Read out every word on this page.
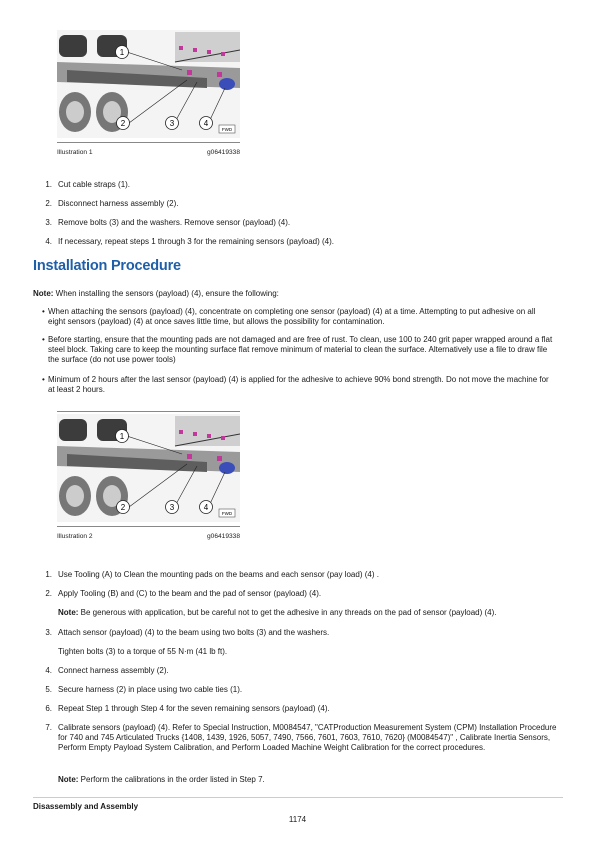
1
2	3	4
FWD
Illustration 1	g06419338
1. Cut cable straps (1).
2. Disconnect harness assembly (2).
3. Remove bolts (3) and the washers. Remove sensor (payload) (4).
4. If necessary, repeat steps 1 through 3 for the remaining sensors (payload) (4).
Installation Procedure
Note: When installing the sensors (payload) (4), ensure the following:
• When attaching the sensors (payload) (4), concentrate on completing one sensor (payload) (4) at a time. Attempting to put adhesive on all eight sensors (payload) (4) at once saves little time, but allows the possibility for contamination.
• Before starting, ensure that the mounting pads are not damaged and are free of rust. To clean, use 100 to 240 grit paper wrapped around a flat steel block. Taking care to keep the mounting surface flat remove minimum of material to clean the surface. Alternatively use a file to draw file the surface (do not use power tools)
• Minimum of 2 hours after the last sensor (payload) (4) is applied for the adhesive to achieve 90% bond strength. Do not move the machine for at least 2 hours.
1
2	3	4
FWD
Illustration 2	g06419338
1. Use Tooling (A) to Clean the mounting pads on the beams and each sensor (pay load) (4) .
2. Apply Tooling (B) and (C) to the beam and the pad of sensor (payload) (4).
Note: Be generous with application, but be careful not to get the adhesive in any threads on the pad of sensor (payload) (4).
3. Attach sensor (payload) (4) to the beam using two bolts (3) and the washers.
Tighten bolts (3) to a torque of 55 N·m (41 lb ft).
4. Connect harness assembly (2).
5. Secure harness (2) in place using two cable ties (1).
6. Repeat Step 1 through Step 4 for the seven remaining sensors (payload) (4).
7. Calibrate sensors (payload) (4). Refer to Special Instruction, M0084547, "CATProduction Measurement System (CPM) Installation Procedure for 740 and 745 Articulated Trucks {1408, 1439, 1926, 5057, 7490, 7566, 7601, 7603, 7610, 7620} (M0084547)" , Calibrate Inertia Sensors, Perform Empty Payload System Calibration, and Perform Loaded Machine Weight Calibration for the correct procedures.
Note: Perform the calibrations in the order listed in Step 7.
Disassembly and Assembly
1174
